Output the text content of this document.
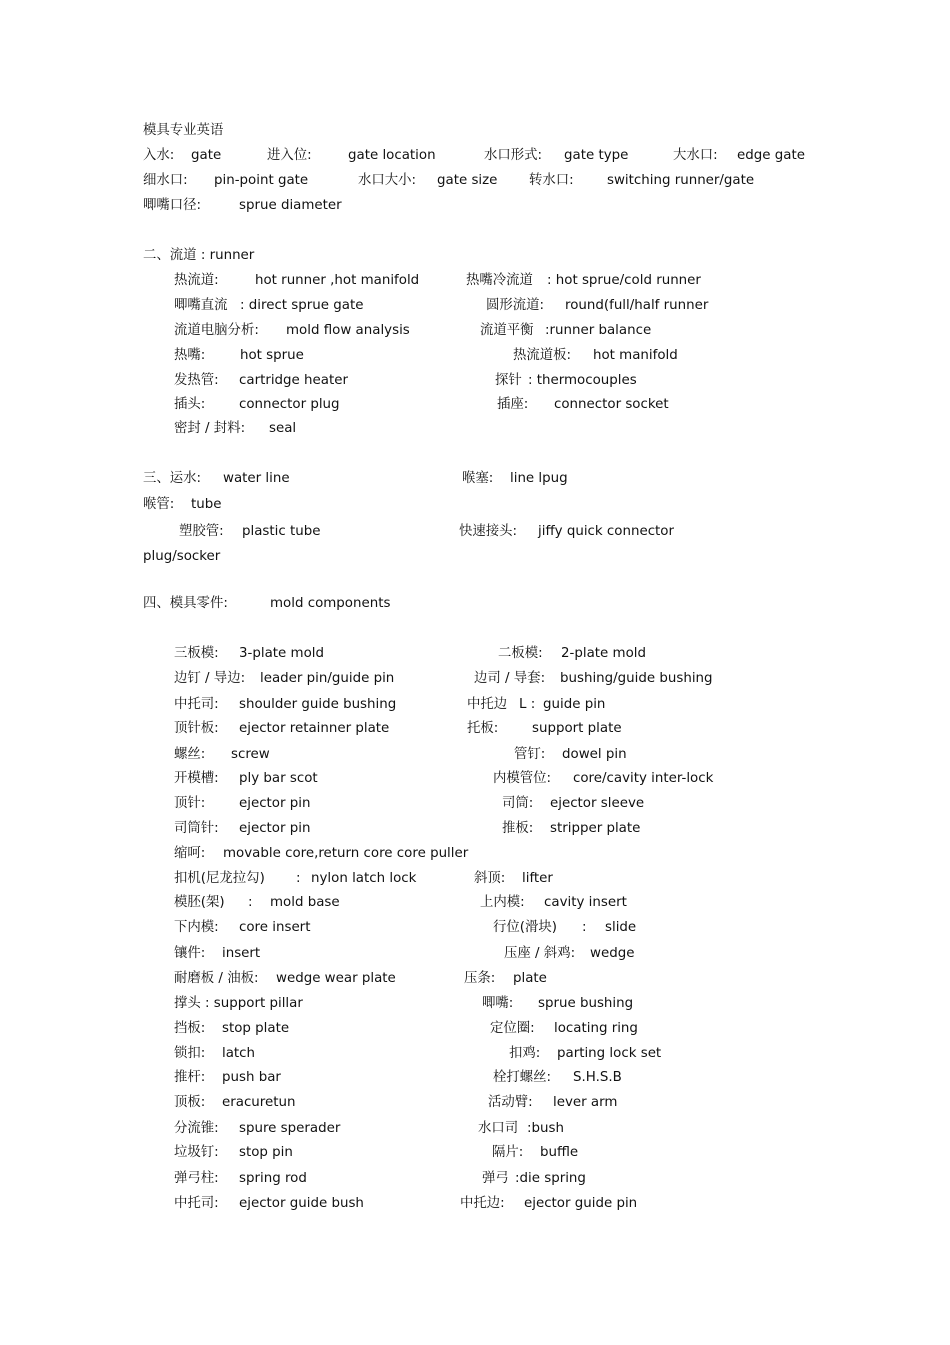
模具专业英语
入水: gate	进入位:	gate location	水口形式: gate type	大水口: edge gate
细水口: pin-point gate	水口大小: gate size 转水口: switching runner/gate
唧嘴口径:	sprue diameter
二、流道 : runner
热流道:	hot runner ,hot manifold	热嘴冷流道 : hot sprue/cold runner
唧嘴直流 : direct sprue gate	圆形流道: round(full/half runner
流道电脑分析: mold flow analysis	流道平衡 :runner balance
热嘴:	hot sprue	热流道板: hot manifold
发热管: cartridge heater	探针 : thermocouples
插头:	connector plug	插座: connector socket
密封 / 封料: seal
三、运水: water line	喉塞: line lpug
喉管: tube
塑胶管: plastic tube	快速接头: jiffy quick connector
plug/socker
四、模具零件:	mold components
三板模: 3-plate mold	二板模: 2-plate mold
边钉 / 导边: leader pin/guide pin	边司 / 导套: bushing/guide bushing
中托司: shoulder guide bushing	中托边 L : guide pin
顶针板: ejector retainner plate	托板:	support plate
螺丝: screw	管钉: dowel pin
开模槽: ply bar scot	内模管位: core/cavity inter-lock
顶针:	ejector pin	司筒: ejector sleeve
司筒针: ejector pin	推板: stripper plate
缩呵: movable core,return core core puller
扣机(尼龙拉勾) : nylon latch lock	斜顶: lifter
模胚(架) : mold base	上内模: cavity insert
下内模: core insert	行位(滑块) : slide
镶件: insert	压座 / 斜鸡: wedge
耐磨板 / 油板: wedge wear plate	压条: plate
撑头 : support pillar	唧嘴: sprue bushing
挡板: stop plate	定位圈: locating ring
锁扣: latch	扣鸡: parting lock set
推杆: push bar	栓打螺丝: S.H.S.B
顶板: eracuretun	活动臂: lever arm
分流锥: spure sperader	水口司 :bush
垃圾钉: stop pin	隔片: buffle
弹弓柱: spring rod	弹弓 :die spring
中托司: ejector guide bush	中托边: ejector guide pin
